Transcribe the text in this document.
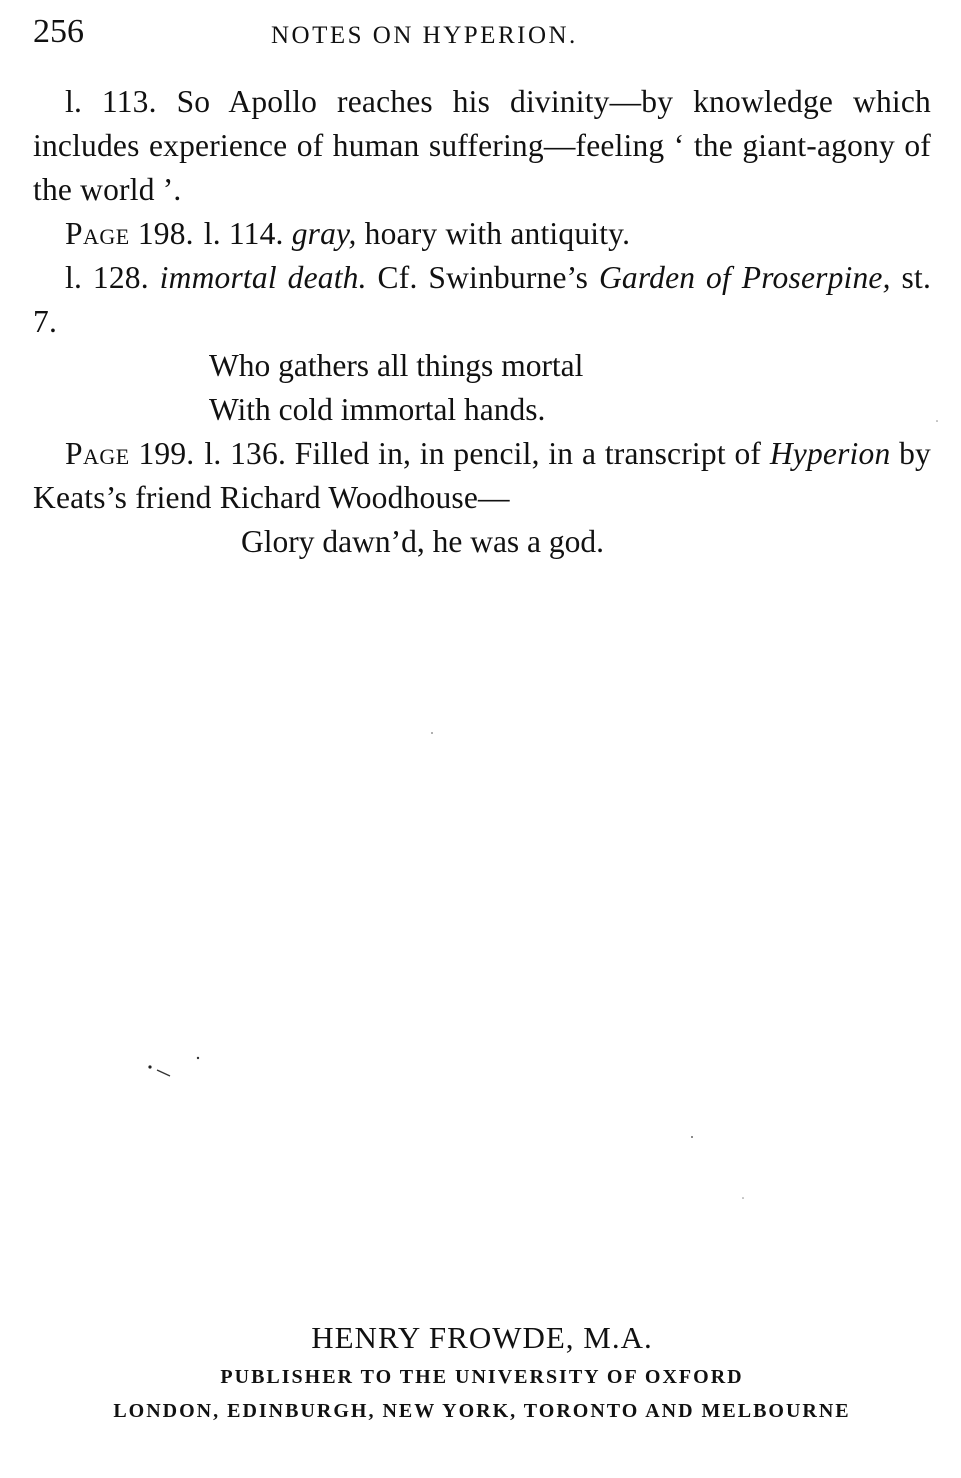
256	NOTES ON HYPERION.

l. 113. So Apollo reaches his divinity—by knowledge which includes experience of human suffering—feeling ‘ the giant-agony of the world ’.

Page 198. l. 114. gray, hoary with antiquity.

l. 128. immortal death. Cf. Swinburne’s Garden of Proserpine, st. 7.

Who gathers all things mortal

With cold immortal hands.

Page 199. l. 136. Filled in, in pencil, in a transcript of Hyperion by Keats’s friend Richard Woodhouse—

Glory dawn’d, he was a god.

HENRY FROWDE, M.A.
PUBLISHER TO THE UNIVERSITY OF OXFORD
LONDON, EDINBURGH, NEW YORK, TORONTO AND MELBOURNE
